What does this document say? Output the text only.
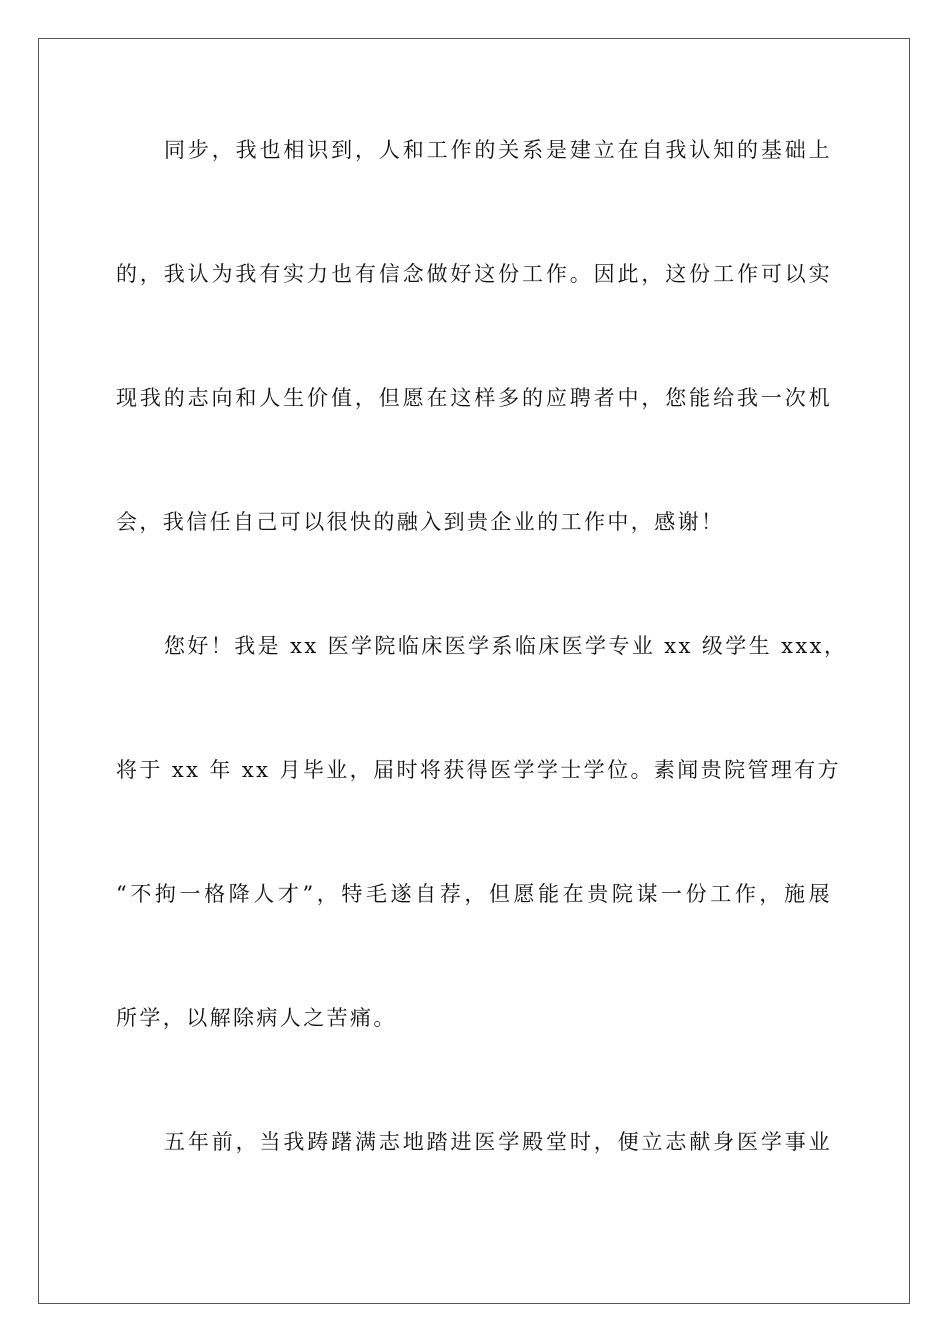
同步，我也相识到，人和工作的关系是建立在自我认知的基础上
的，我认为我有实力也有信念做好这份工作。因此，这份工作可以实
现我的志向和人生价值，但愿在这样多的应聘者中，您能给我一次机
会，我信任自己可以很快的融入到贵企业的工作中，感谢！
您好！我是 xx 医学院临床医学系临床医学专业 xx 级学生 xxx，
将于 xx 年 xx 月毕业，届时将获得医学学士学位。素闻贵院管理有方
“不拘一格降人才”，特毛遂自荐，但愿能在贵院谋一份工作，施展
所学，以解除病人之苦痛。
五年前，当我踌躇满志地踏进医学殿堂时，便立志献身医学事业
